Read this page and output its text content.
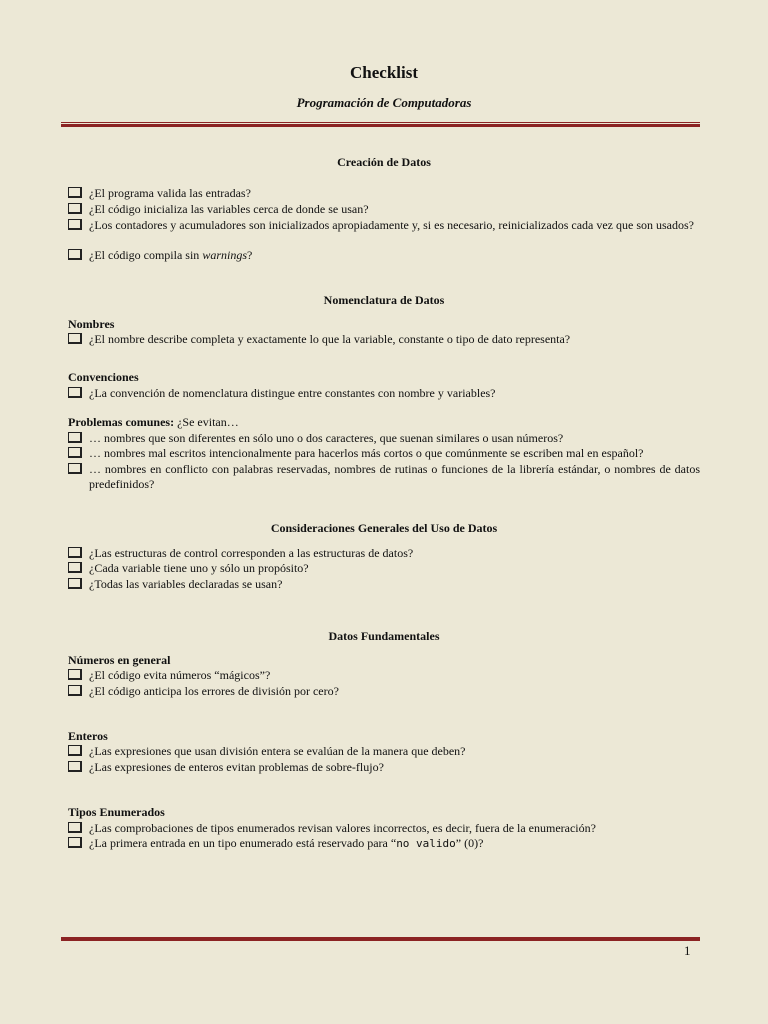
Checklist
Programación de Computadoras
Creación de Datos
¿El programa valida las entradas?
¿El código inicializa las variables cerca de donde se usan?
¿Los contadores y acumuladores son inicializados apropiadamente y, si es necesario, reinicializados cada vez que son usados?
¿El código compila sin warnings?
Nomenclatura de Datos
Nombres
¿El nombre describe completa y exactamente lo que la variable, constante o tipo de dato representa?
Convenciones
¿La convención de nomenclatura distingue entre constantes con nombre y variables?
Problemas comunes: ¿Se evitan…
… nombres que son diferentes en sólo uno o dos caracteres, que suenan similares o usan números?
… nombres mal escritos intencionalmente para hacerlos más cortos o que comúnmente se escriben mal en español?
… nombres en conflicto con palabras reservadas, nombres de rutinas o funciones de la librería estándar, o nombres de datos predefinidos?
Consideraciones Generales del Uso de Datos
¿Las estructuras de control corresponden a las estructuras de datos?
¿Cada variable tiene uno y sólo un propósito?
¿Todas las variables declaradas se usan?
Datos Fundamentales
Números en general
¿El código evita números “mágicos”?
¿El código anticipa los errores de división por cero?
Enteros
¿Las expresiones que usan división entera se evalúan de la manera que deben?
¿Las expresiones de enteros evitan problemas de sobre-flujo?
Tipos Enumerados
¿Las comprobaciones de tipos enumerados revisan valores incorrectos, es decir, fuera de la enumeración?
¿La primera entrada en un tipo enumerado está reservado para “no valido” (0)?
1
